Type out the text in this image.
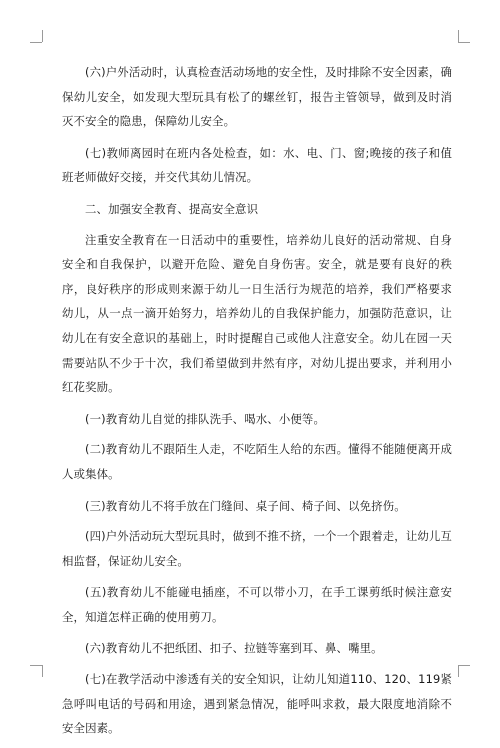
(六)户外活动时，认真检查活动场地的安全性，及时排除不安全因素，确保幼儿安全，如发现大型玩具有松了的螺丝钉，报告主管领导，做到及时消灭不安全的隐患，保障幼儿安全。

(七)教师离园时在班内各处检查，如：水、电、门、窗;晚接的孩子和值班老师做好交接，并交代其幼儿情况。

二、加强安全教育、提高安全意识

注重安全教育在一日活动中的重要性，培养幼儿良好的活动常规、自身安全和自我保护，以避开危险、避免自身伤害。安全，就是要有良好的秩序，良好秩序的形成则来源于幼儿一日生活行为规范的培养，我们严格要求幼儿，从一点一滴开始努力，培养幼儿的自我保护能力，加强防范意识，让幼儿在有安全意识的基础上，时时提醒自己或他人注意安全。幼儿在园一天需要站队不少于十次，我们希望做到井然有序，对幼儿提出要求，并利用小红花奖励。

(一)教育幼儿自觉的排队洗手、喝水、小便等。

(二)教育幼儿不跟陌生人走，不吃陌生人给的东西。懂得不能随便离开成人或集体。

(三)教育幼儿不将手放在门缝间、桌子间、椅子间、以免挤伤。

(四)户外活动玩大型玩具时，做到不推不挤，一个一个跟着走，让幼儿互相监督，保证幼儿安全。

(五)教育幼儿不能碰电插座，不可以带小刀，在手工课剪纸时候注意安全，知道怎样正确的使用剪刀。

(六)教育幼儿不把纸团、扣子、拉链等塞到耳、鼻、嘴里。

(七)在教学活动中渗透有关的安全知识，让幼儿知道110、120、119紧急呼叫电话的号码和用途，遇到紧急情况，能呼叫求救，最大限度地消除不安全因素。
